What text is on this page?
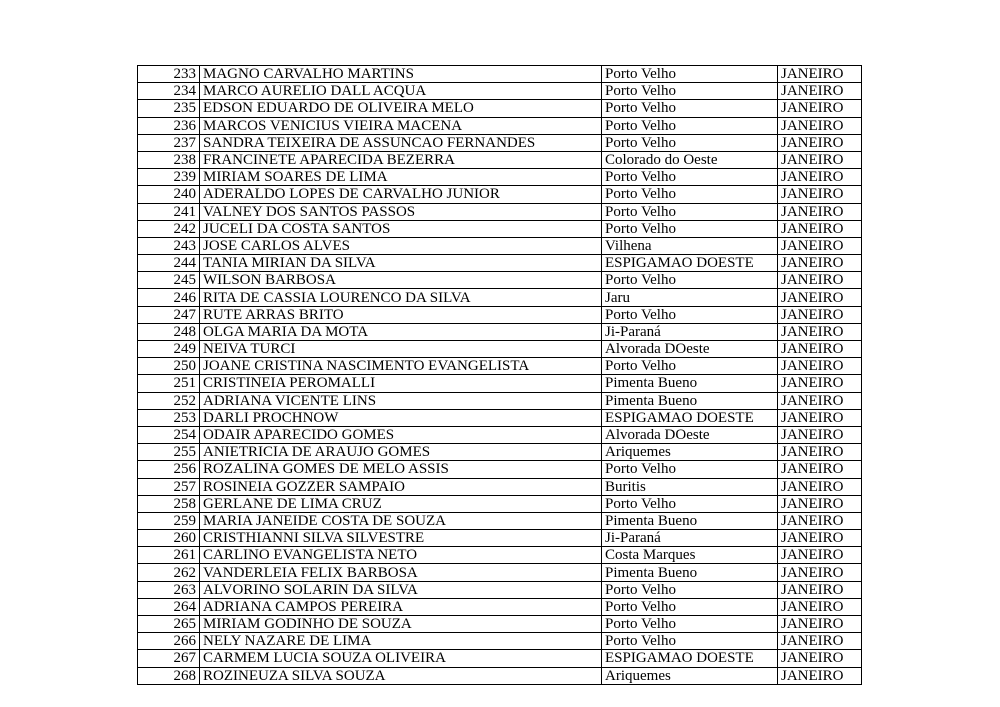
233	MAGNO CARVALHO MARTINS	Porto Velho	JANEIRO
234	MARCO AURELIO DALL ACQUA	Porto Velho	JANEIRO
235	EDSON EDUARDO DE OLIVEIRA MELO	Porto Velho	JANEIRO
236	MARCOS VENICIUS VIEIRA MACENA	Porto Velho	JANEIRO
237	SANDRA TEIXEIRA DE ASSUNCAO FERNANDES	Porto Velho	JANEIRO
238	FRANCINETE APARECIDA BEZERRA	Colorado do Oeste	JANEIRO
239	MIRIAM SOARES DE LIMA	Porto Velho	JANEIRO
240	ADERALDO LOPES DE CARVALHO JUNIOR	Porto Velho	JANEIRO
241	VALNEY DOS SANTOS PASSOS	Porto Velho	JANEIRO
242	JUCELI DA COSTA SANTOS	Porto Velho	JANEIRO
243	JOSE CARLOS ALVES	Vilhena	JANEIRO
244	TANIA MIRIAN DA SILVA	ESPIGAMAO DOESTE	JANEIRO
245	WILSON BARBOSA	Porto Velho	JANEIRO
246	RITA DE CASSIA LOURENCO DA SILVA	Jaru	JANEIRO
247	RUTE ARRAS BRITO	Porto Velho	JANEIRO
248	OLGA MARIA DA MOTA	Ji-Paraná	JANEIRO
249	NEIVA TURCI	Alvorada DOeste	JANEIRO
250	JOANE CRISTINA NASCIMENTO EVANGELISTA	Porto Velho	JANEIRO
251	CRISTINEIA PEROMALLI	Pimenta Bueno	JANEIRO
252	ADRIANA VICENTE LINS	Pimenta Bueno	JANEIRO
253	DARLI PROCHNOW	ESPIGAMAO DOESTE	JANEIRO
254	ODAIR APARECIDO GOMES	Alvorada DOeste	JANEIRO
255	ANIETRICIA DE ARAUJO GOMES	Ariquemes	JANEIRO
256	ROZALINA GOMES DE MELO ASSIS	Porto Velho	JANEIRO
257	ROSINEIA GOZZER SAMPAIO	Buritis	JANEIRO
258	GERLANE DE LIMA CRUZ	Porto Velho	JANEIRO
259	MARIA JANEIDE COSTA DE SOUZA	Pimenta Bueno	JANEIRO
260	CRISTHIANNI SILVA SILVESTRE	Ji-Paraná	JANEIRO
261	CARLINO EVANGELISTA NETO	Costa Marques	JANEIRO
262	VANDERLEIA FELIX BARBOSA	Pimenta Bueno	JANEIRO
263	ALVORINO SOLARIN DA SILVA	Porto Velho	JANEIRO
264	ADRIANA CAMPOS PEREIRA	Porto Velho	JANEIRO
265	MIRIAM GODINHO DE SOUZA	Porto Velho	JANEIRO
266	NELY NAZARE DE LIMA	Porto Velho	JANEIRO
267	CARMEM LUCIA SOUZA OLIVEIRA	ESPIGAMAO DOESTE	JANEIRO
268	ROZINEUZA SILVA SOUZA	Ariquemes	JANEIRO
